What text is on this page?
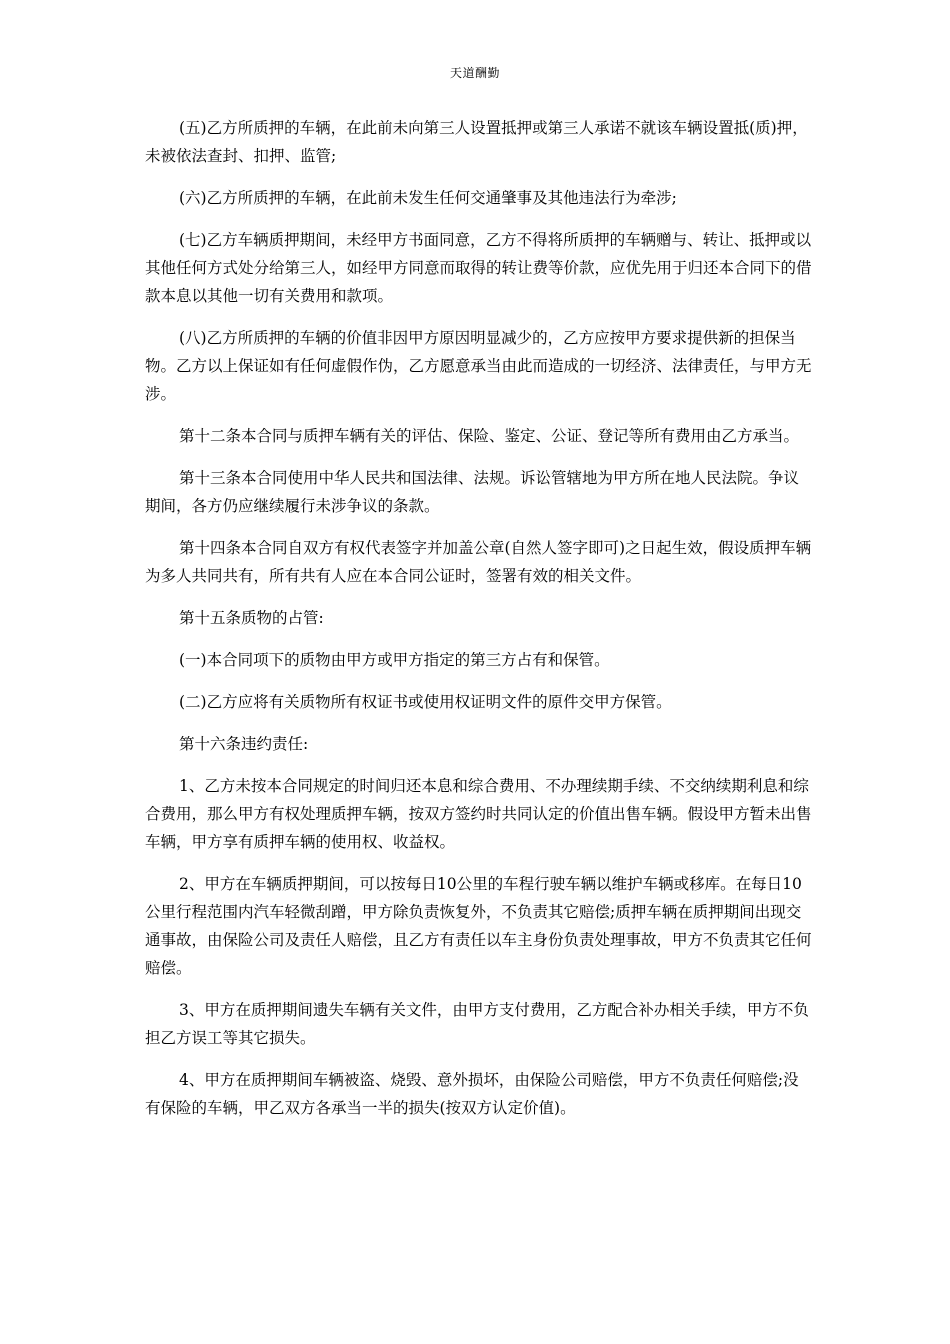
天道酬勤

(五)乙方所质押的车辆，在此前未向第三人设置抵押或第三人承诺不就该车辆设置抵(质)押，未被依法查封、扣押、监管;

(六)乙方所质押的车辆，在此前未发生任何交通肇事及其他违法行为牵涉;

(七)乙方车辆质押期间，未经甲方书面同意，乙方不得将所质押的车辆赠与、转让、抵押或以其他任何方式处分给第三人，如经甲方同意而取得的转让费等价款，应优先用于归还本合同下的借款本息以其他一切有关费用和款项。

(八)乙方所质押的车辆的价值非因甲方原因明显减少的，乙方应按甲方要求提供新的担保当物。乙方以上保证如有任何虚假作伪，乙方愿意承当由此而造成的一切经济、法律责任，与甲方无涉。

第十二条本合同与质押车辆有关的评估、保险、鉴定、公证、登记等所有费用由乙方承当。

第十三条本合同使用中华人民共和国法律、法规。诉讼管辖地为甲方所在地人民法院。争议期间，各方仍应继续履行未涉争议的条款。

第十四条本合同自双方有权代表签字并加盖公章(自然人签字即可)之日起生效，假设质押车辆为多人共同共有，所有共有人应在本合同公证时，签署有效的相关文件。

第十五条质物的占管:

(一)本合同项下的质物由甲方或甲方指定的第三方占有和保管。

(二)乙方应将有关质物所有权证书或使用权证明文件的原件交甲方保管。

第十六条违约责任:

1、乙方未按本合同规定的时间归还本息和综合费用、不办理续期手续、不交纳续期利息和综合费用，那么甲方有权处理质押车辆，按双方签约时共同认定的价值出售车辆。假设甲方暂未出售车辆，甲方享有质押车辆的使用权、收益权。

2、甲方在车辆质押期间，可以按每日10公里的车程行驶车辆以维护车辆或移库。在每日10公里行程范围内汽车轻微刮蹭，甲方除负责恢复外，不负责其它赔偿;质押车辆在质押期间出现交通事故，由保险公司及责任人赔偿，且乙方有责任以车主身份负责处理事故，甲方不负责其它任何赔偿。

3、甲方在质押期间遗失车辆有关文件，由甲方支付费用，乙方配合补办相关手续，甲方不负担乙方误工等其它损失。

4、甲方在质押期间车辆被盗、烧毁、意外损坏，由保险公司赔偿，甲方不负责任何赔偿;没有保险的车辆，甲乙双方各承当一半的损失(按双方认定价值)。
